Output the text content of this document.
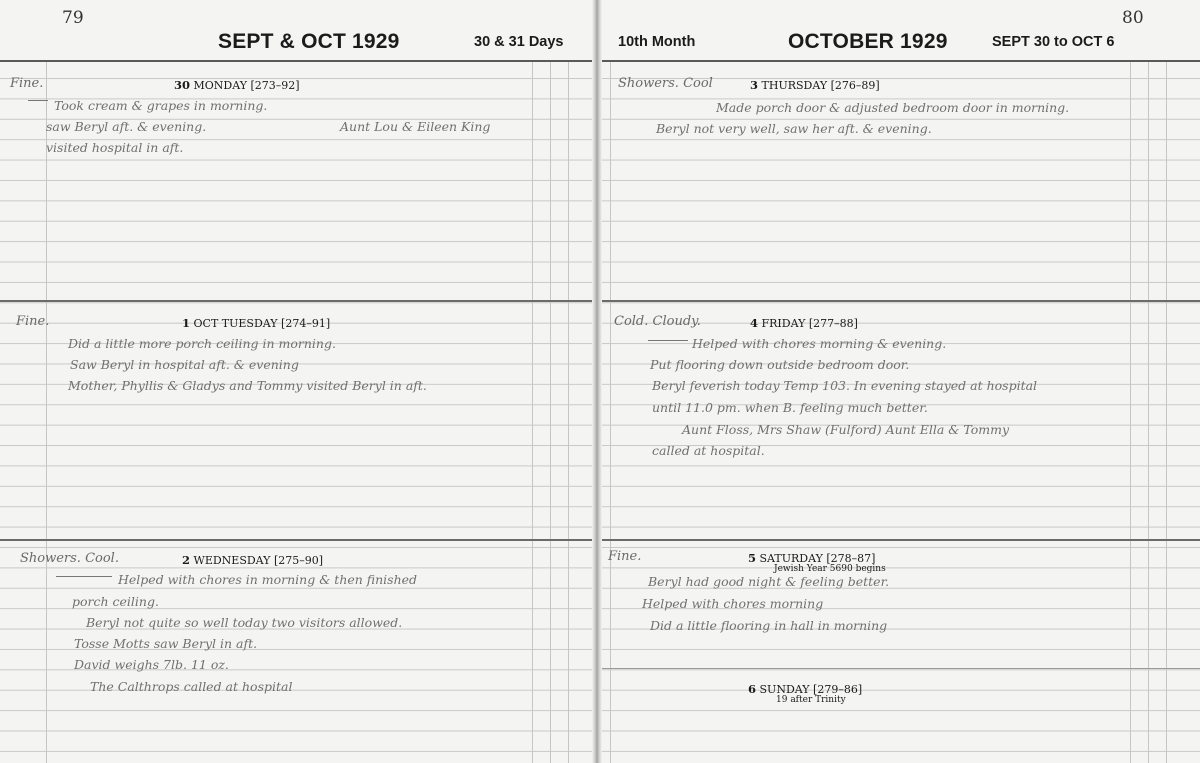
79
SEPT & OCT 1929	30 & 31 Days
Fine.	30 MONDAY [273–92]
Took cream & grapes in morning.
saw Beryl aft. & evening.
visited hospital in aft.
Aunt Lou & Eileen King
Fine.	1 OCT TUESDAY [274–91]
Did a little more porch ceiling in morning.
Saw Beryl in hospital aft. & evening
Mother, Phyllis & Gladys and Tommy visited Beryl in aft.
Showers. Cool.	2 WEDNESDAY [275–90]
Helped with chores in morning & then finished
porch ceiling.
Beryl not quite so well today two visitors allowed.
Tosse Motts saw Beryl in aft.
David weighs 7lb. 11 oz.
The Calthrops called at hospital
80
10th Month	OCTOBER 1929	SEPT 30 to OCT 6
Showers. Cool	3 THURSDAY [276–89]
Made porch door & adjusted bedroom door in morning.
Beryl not very well, saw her aft. & evening.
Cold. Cloudy.	4 FRIDAY [277–88]
Helped with chores morning & evening.
Put flooring down outside bedroom door.
Beryl feverish today Temp 103. In evening stayed at hospital
until 11.0 pm. when B. feeling much better.
Aunt Floss, Mrs Shaw (Fulford) Aunt Ella & Tommy
called at hospital.
Fine.	5 SATURDAY [278–87]
Jewish Year 5690 begins
Beryl had good night & feeling better.
Helped with chores morning
Did a little flooring in hall in morning
6 SUNDAY [279–86]
19 after Trinity
